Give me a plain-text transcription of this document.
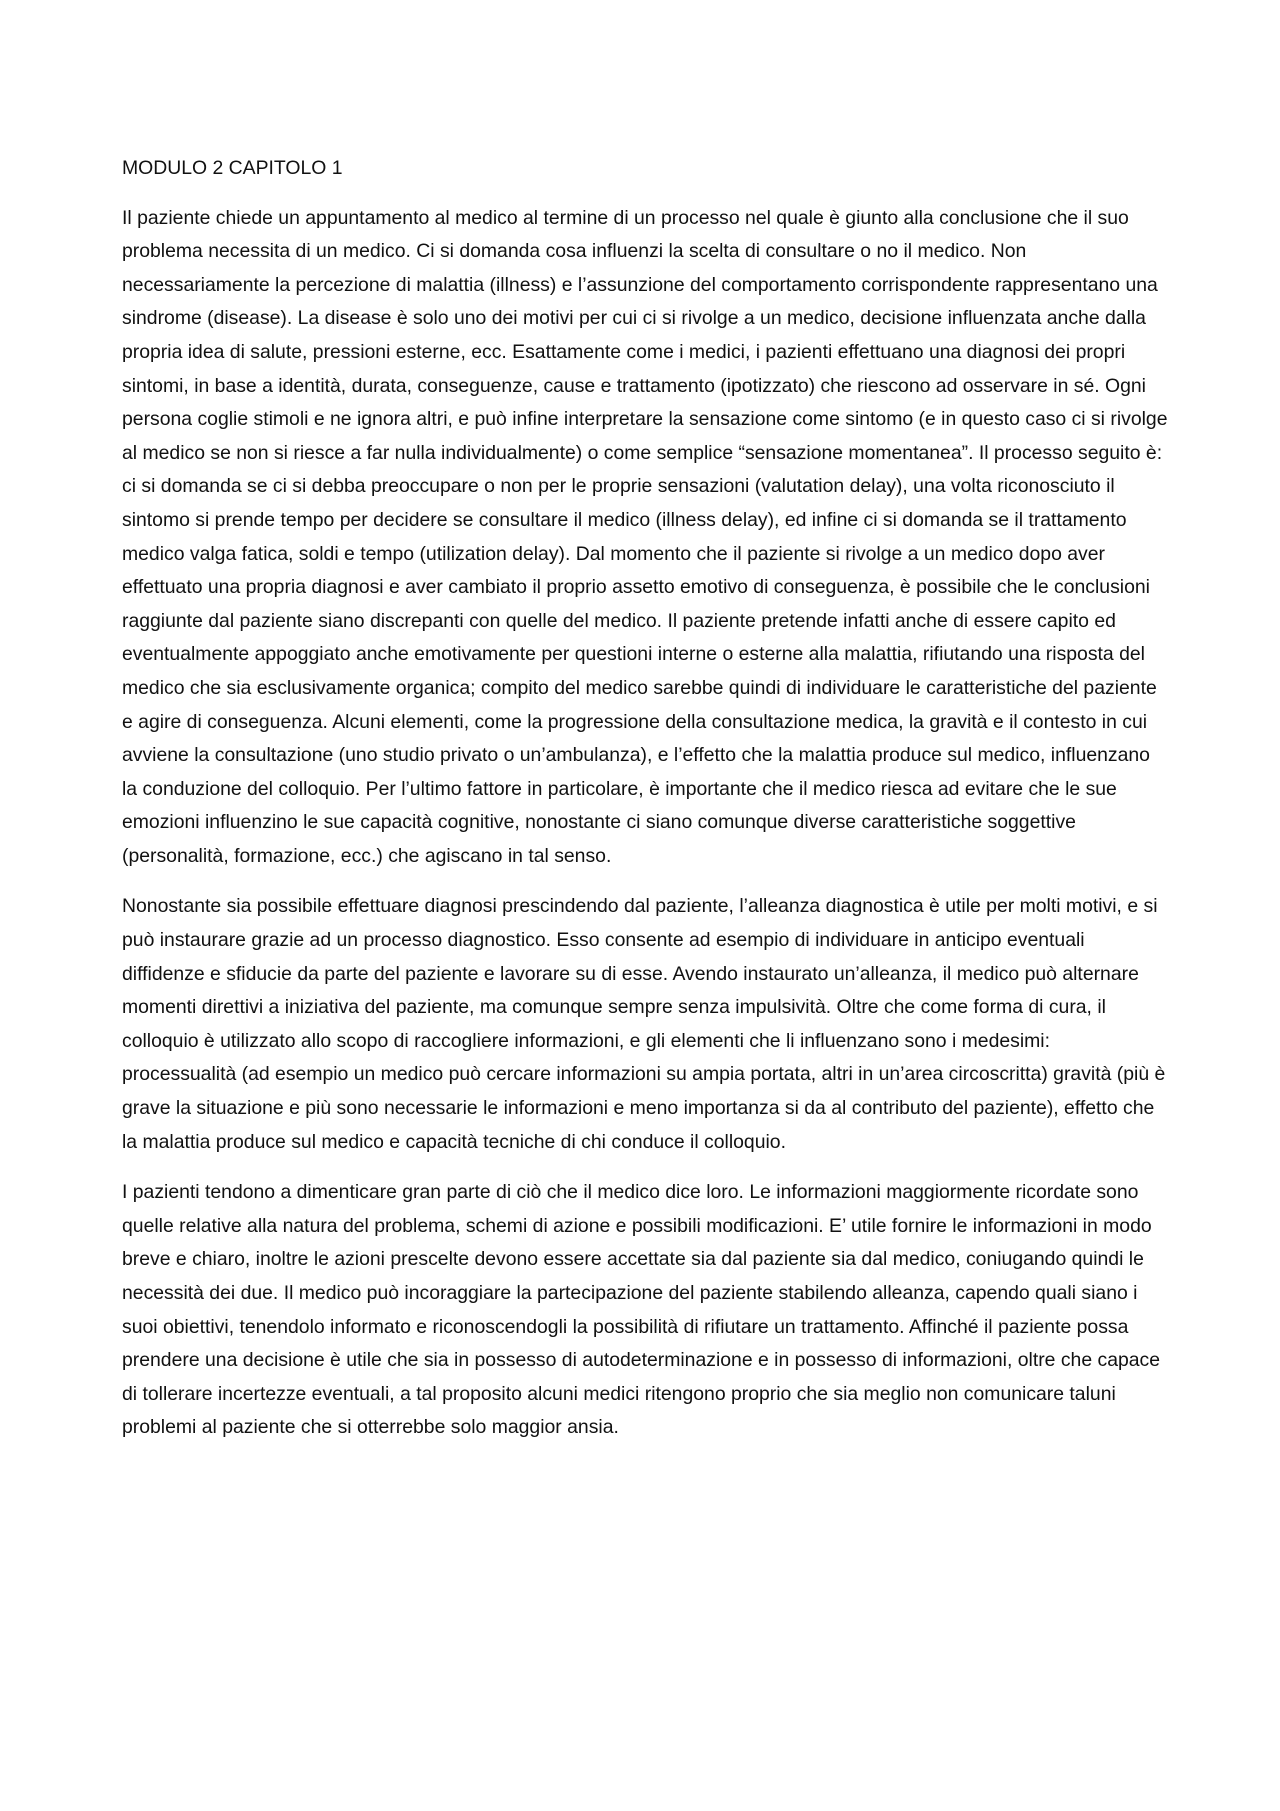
MODULO 2 CAPITOLO 1

Il paziente chiede un appuntamento al medico al termine di un processo nel quale è giunto alla conclusione che il suo problema necessita di un medico. Ci si domanda cosa influenzi la scelta di consultare o no il medico. Non necessariamente la percezione di malattia (illness) e l’assunzione del comportamento corrispondente rappresentano una sindrome (disease). La disease è solo uno dei motivi per cui ci si rivolge a un medico, decisione influenzata anche dalla propria idea di salute, pressioni esterne, ecc. Esattamente come i medici, i pazienti effettuano una diagnosi dei propri sintomi, in base a identità, durata, conseguenze, cause e trattamento (ipotizzato) che riescono ad osservare in sé. Ogni persona coglie stimoli e ne ignora altri, e può infine interpretare la sensazione come sintomo (e in questo caso ci si rivolge al medico se non si riesce a far nulla individualmente) o come semplice “sensazione momentanea”. Il processo seguito è: ci si domanda se ci si debba preoccupare o non per le proprie sensazioni (valutation delay), una volta riconosciuto il sintomo si prende tempo per decidere se consultare il medico (illness delay), ed infine ci si domanda se il trattamento medico valga fatica, soldi e tempo (utilization delay). Dal momento che il paziente si rivolge a un medico dopo aver effettuato una propria diagnosi e aver cambiato il proprio assetto emotivo di conseguenza, è possibile che le conclusioni raggiunte dal paziente siano discrepanti con quelle del medico. Il paziente pretende infatti anche di essere capito ed eventualmente appoggiato anche emotivamente per questioni interne o esterne alla malattia, rifiutando una risposta del medico che sia esclusivamente organica; compito del medico sarebbe quindi di individuare le caratteristiche del paziente e agire di conseguenza. Alcuni elementi, come la progressione della consultazione medica, la gravità e il contesto in cui avviene la consultazione (uno studio privato o un’ambulanza), e l’effetto che la malattia produce sul medico, influenzano la conduzione del colloquio. Per l’ultimo fattore in particolare, è importante che il medico riesca ad evitare che le sue emozioni influenzino le sue capacità cognitive, nonostante ci siano comunque diverse caratteristiche soggettive (personalità, formazione, ecc.) che agiscano in tal senso.

Nonostante sia possibile effettuare diagnosi prescindendo dal paziente, l’alleanza diagnostica è utile per molti motivi, e si può instaurare grazie ad un processo diagnostico. Esso consente ad esempio di individuare in anticipo eventuali diffidenze e sfiducie da parte del paziente e lavorare su di esse. Avendo instaurato un’alleanza, il medico può alternare momenti direttivi a iniziativa del paziente, ma comunque sempre senza impulsività. Oltre che come forma di cura, il colloquio è utilizzato allo scopo di raccogliere informazioni, e gli elementi che li influenzano sono i medesimi: processualità (ad esempio un medico può cercare informazioni su ampia portata, altri in un’area circoscritta) gravità (più è grave la situazione e più sono necessarie le informazioni e meno importanza si da al contributo del paziente), effetto che la malattia produce sul medico e capacità tecniche di chi conduce il colloquio.

I pazienti tendono a dimenticare gran parte di ciò che il medico dice loro. Le informazioni maggiormente ricordate sono quelle relative alla natura del problema, schemi di azione e possibili modificazioni. E’ utile fornire le informazioni in modo breve e chiaro, inoltre le azioni prescelte devono essere accettate sia dal paziente sia dal medico, coniugando quindi le necessità dei due. Il medico può incoraggiare la partecipazione del paziente stabilendo alleanza, capendo quali siano i suoi obiettivi, tenendolo informato e riconoscendogli la possibilità di rifiutare un trattamento. Affinché il paziente possa prendere una decisione è utile che sia in possesso di autodeterminazione e in possesso di informazioni, oltre che capace di tollerare incertezze eventuali, a tal proposito alcuni medici ritengono proprio che sia meglio non comunicare taluni problemi al paziente che si otterrebbe solo maggior ansia.
